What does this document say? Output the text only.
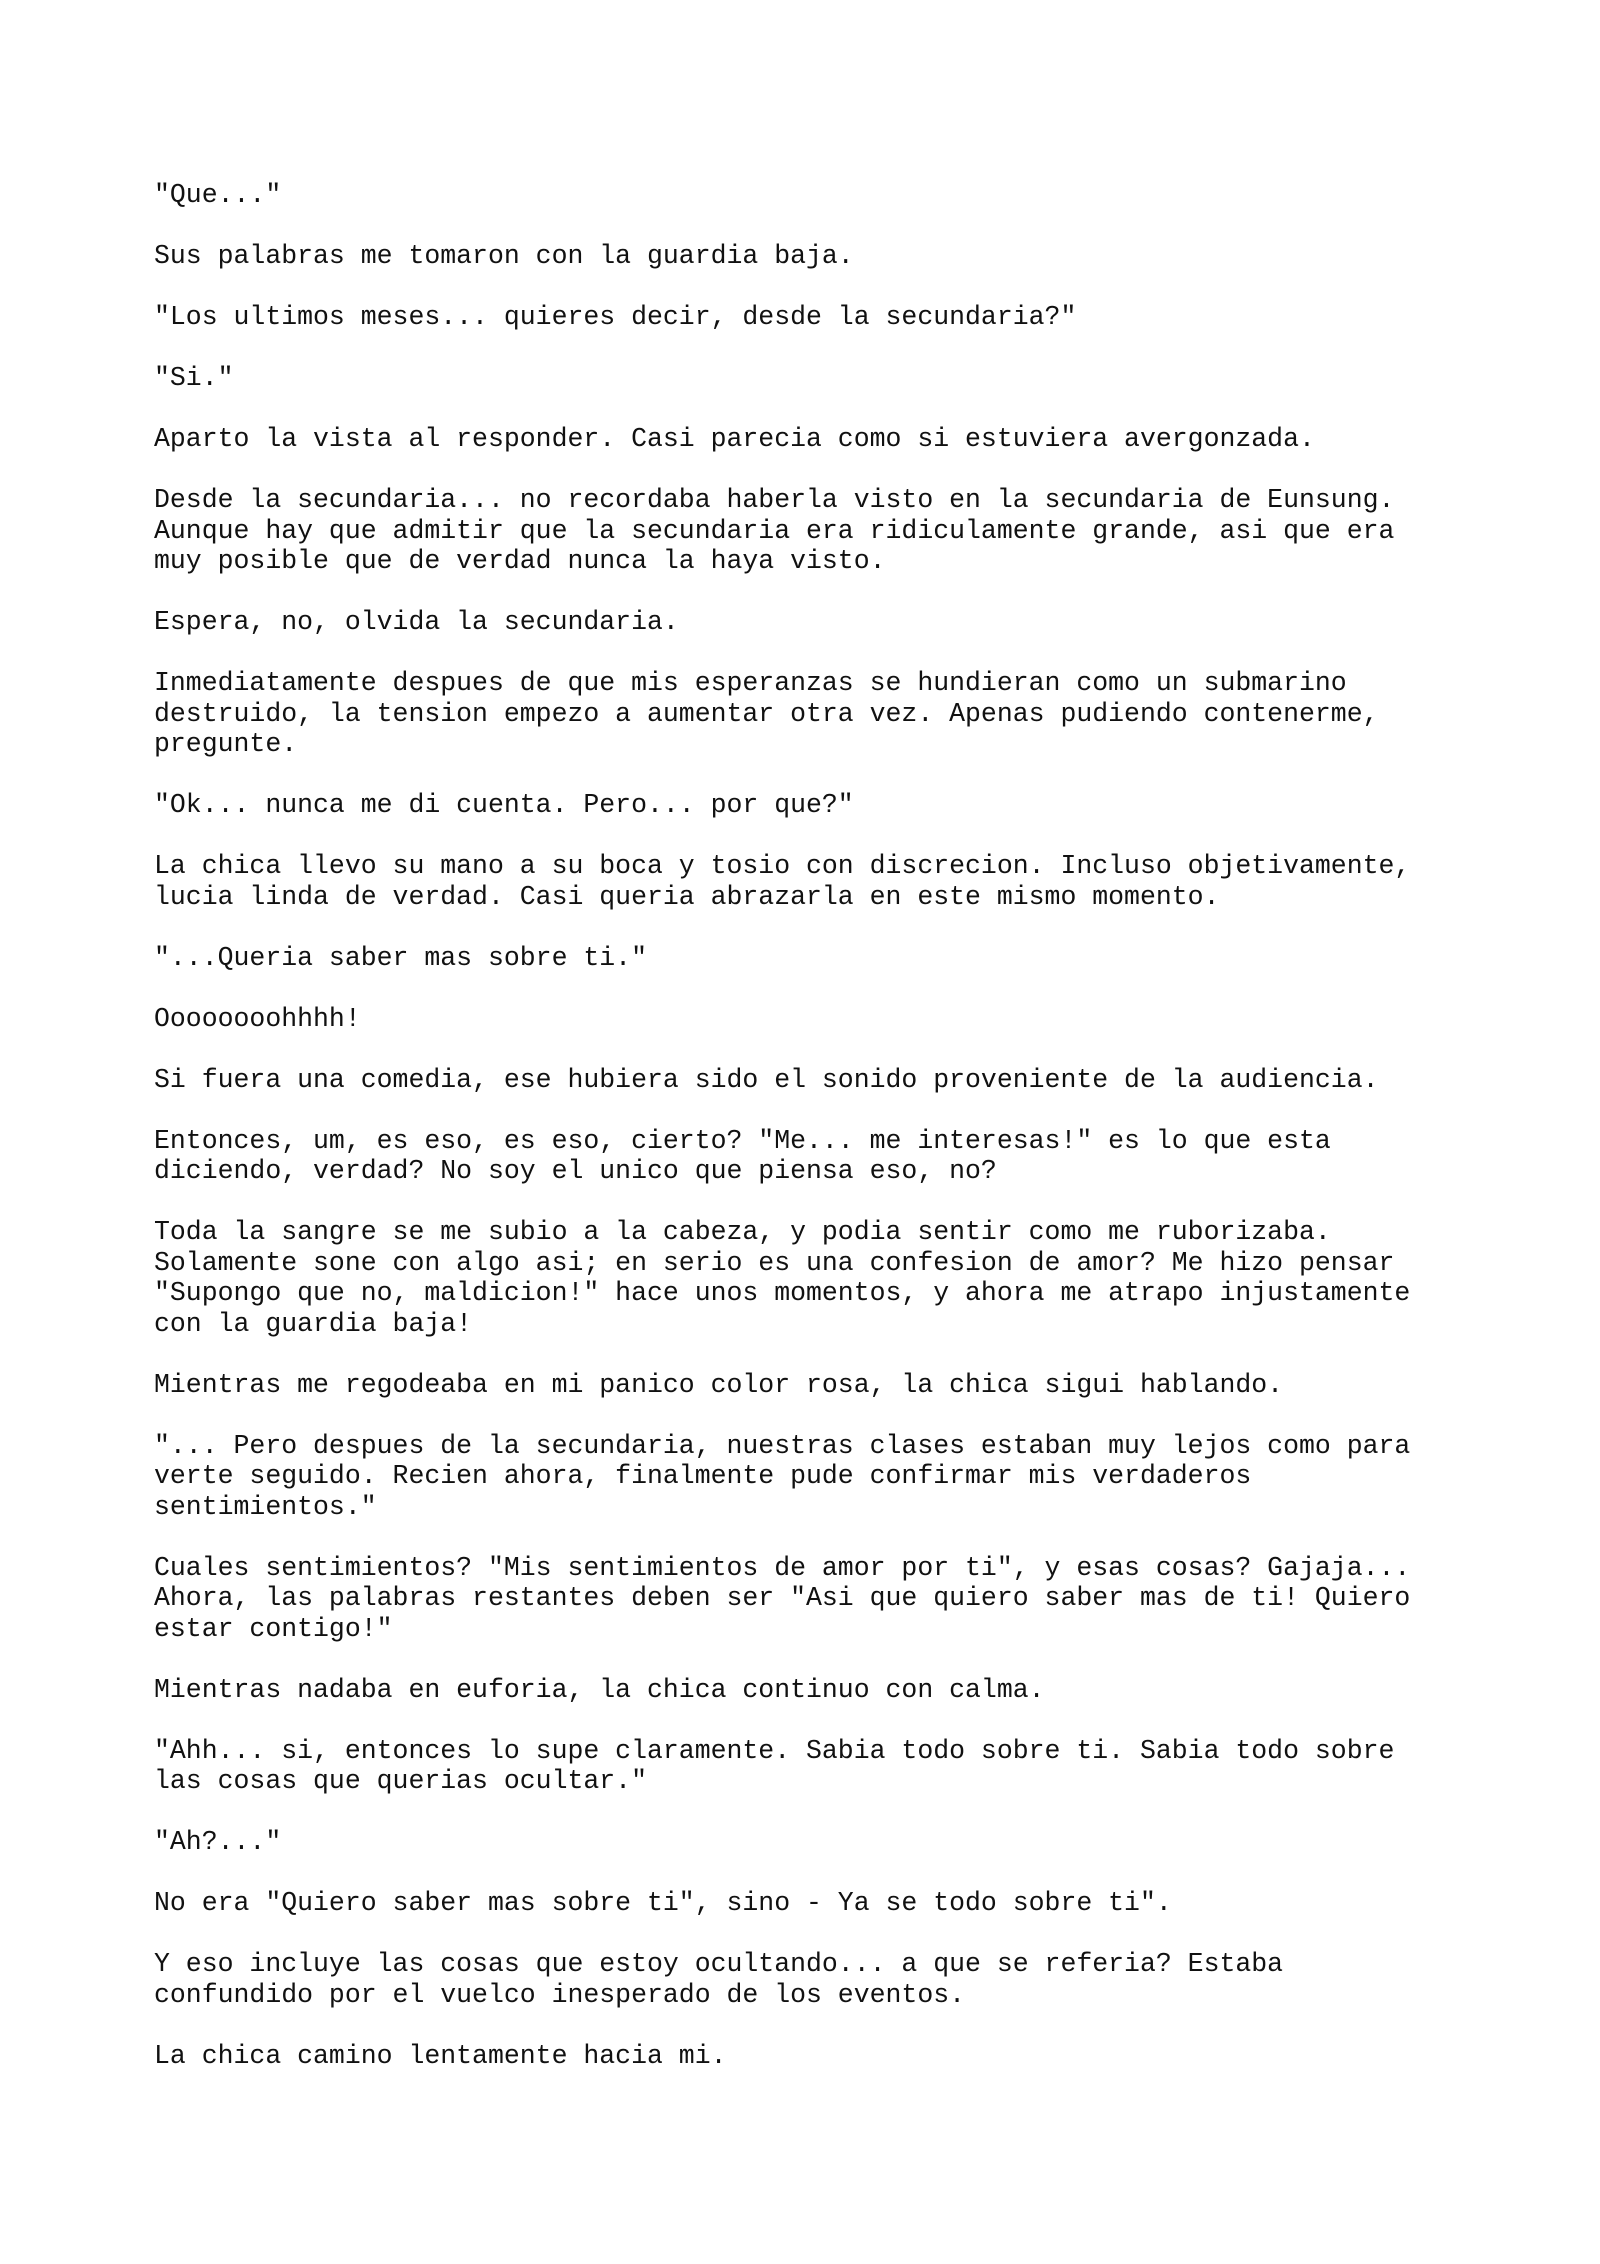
"Que..."

Sus palabras me tomaron con la guardia baja.

"Los ultimos meses... quieres decir, desde la secundaria?"

"Si."

Aparto la vista al responder. Casi parecia como si estuviera avergonzada.

Desde la secundaria... no recordaba haberla visto en la secundaria de Eunsung.
Aunque hay que admitir que la secundaria era ridiculamente grande, asi que era
muy posible que de verdad nunca la haya visto.

Espera, no, olvida la secundaria.

Inmediatamente despues de que mis esperanzas se hundieran como un submarino
destruido, la tension empezo a aumentar otra vez. Apenas pudiendo contenerme,
pregunte.

"Ok... nunca me di cuenta. Pero... por que?"

La chica llevo su mano a su boca y tosio con discrecion. Incluso objetivamente,
lucia linda de verdad. Casi queria abrazarla en este mismo momento.

"...Queria saber mas sobre ti."

Oooooooohhhh!

Si fuera una comedia, ese hubiera sido el sonido proveniente de la audiencia.

Entonces, um, es eso, es eso, cierto? "Me... me interesas!" es lo que esta
diciendo, verdad? No soy el unico que piensa eso, no?

Toda la sangre se me subio a la cabeza, y podia sentir como me ruborizaba.
Solamente sone con algo asi; en serio es una confesion de amor? Me hizo pensar
"Supongo que no, maldicion!" hace unos momentos, y ahora me atrapo injustamente
con la guardia baja!

Mientras me regodeaba en mi panico color rosa, la chica sigui hablando.

"... Pero despues de la secundaria, nuestras clases estaban muy lejos como para
verte seguido. Recien ahora, finalmente pude confirmar mis verdaderos
sentimientos."

Cuales sentimientos? "Mis sentimientos de amor por ti", y esas cosas? Gajaja...
Ahora, las palabras restantes deben ser "Asi que quiero saber mas de ti! Quiero
estar contigo!"

Mientras nadaba en euforia, la chica continuo con calma.

"Ahh... si, entonces lo supe claramente. Sabia todo sobre ti. Sabia todo sobre
las cosas que querias ocultar."

"Ah?..."

No era "Quiero saber mas sobre ti", sino - Ya se todo sobre ti".

Y eso incluye las cosas que estoy ocultando... a que se referia? Estaba
confundido por el vuelco inesperado de los eventos.

La chica camino lentamente hacia mi.
